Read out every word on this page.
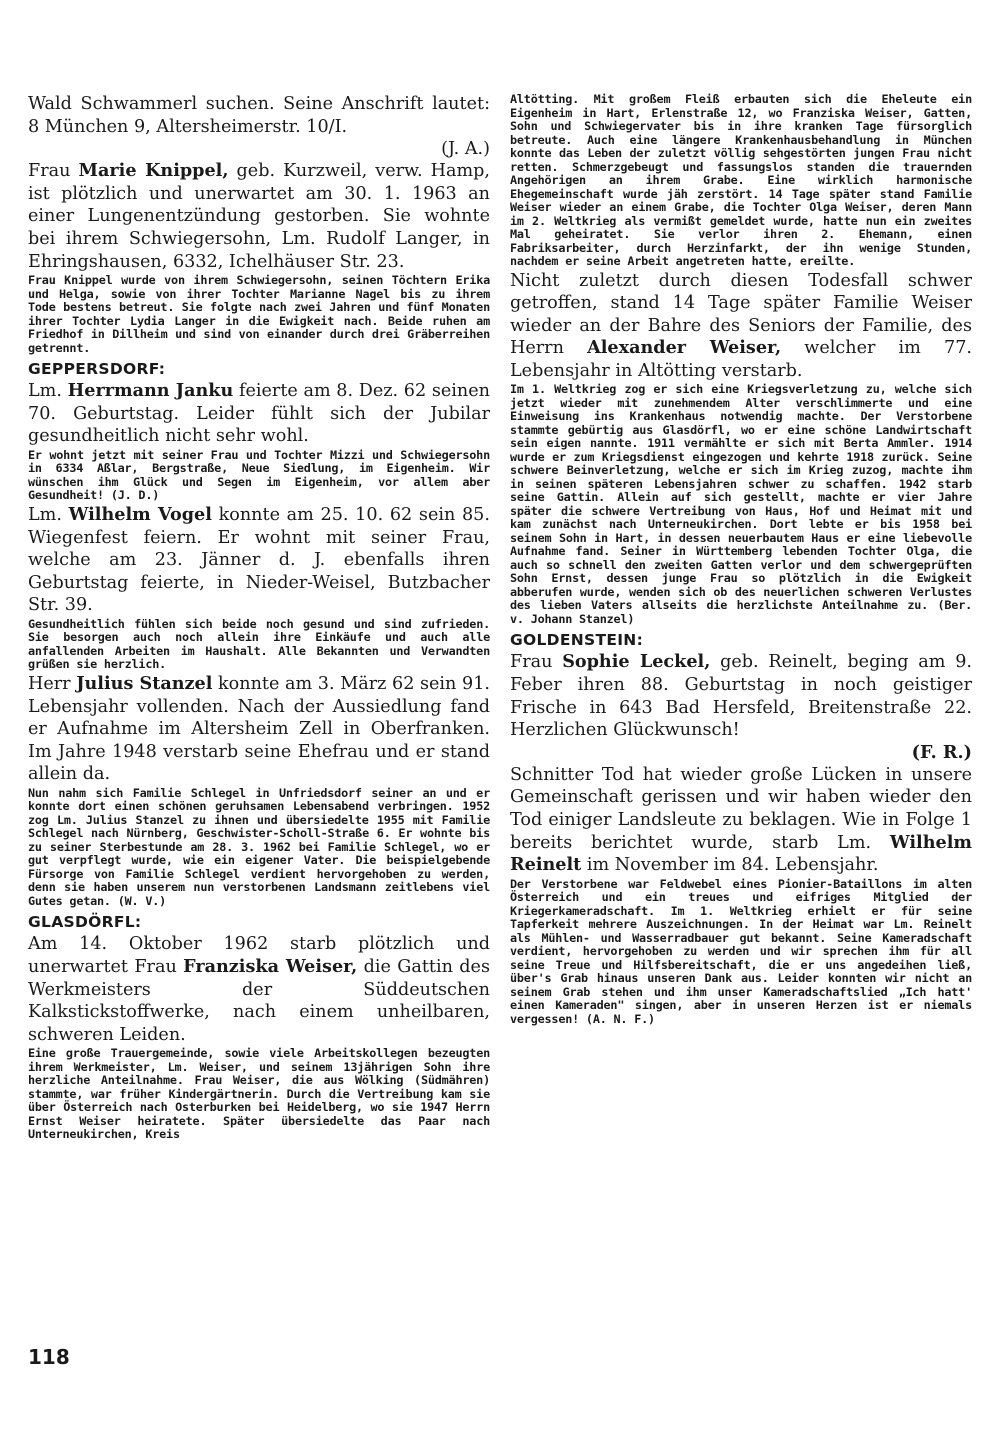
Wald Schwammerl suchen. Seine Anschrift lautet: 8 München 9, Altersheimerstr. 10/I.
(J. A.)
Frau Marie Knippel, geb. Kurzweil, verw. Hamp, ist plötzlich und unerwartet am 30. 1. 1963 an einer Lungenentzündung gestorben. Sie wohnte bei ihrem Schwiegersohn, Lm. Rudolf Langer, in Ehringshausen, 6332, Ichelhäuser Str. 23.
Frau Knippel wurde von ihrem Schwiegersohn, seinen Töchtern Erika und Helga, sowie von ihrer Tochter Marianne Nagel bis zu ihrem Tode bestens betreut. Sie folgte nach zwei Jahren und fünf Monaten ihrer Tochter Lydia Langer in die Ewigkeit nach. Beide ruhen am Friedhof in Dillheim und sind von einander durch drei Gräberreihen getrennt.
GEPPERSDORF:
Lm. Herrmann Janku feierte am 8. Dez. 62 seinen 70. Geburtstag. Leider fühlt sich der Jubilar gesundheitlich nicht sehr wohl.
Er wohnt jetzt mit seiner Frau und Tochter Mizzi und Schwiegersohn in 6334 Aßlar, Bergstraße, Neue Siedlung, im Eigenheim. Wir wünschen ihm Glück und Segen im Eigenheim, vor allem aber Gesundheit! (J. D.)
Lm. Wilhelm Vogel konnte am 25. 10. 62 sein 85. Wiegenfest feiern. Er wohnt mit seiner Frau, welche am 23. Jänner d. J. ebenfalls ihren Geburtstag feierte, in Nieder-Weisel, Butzbacher Str. 39.
Gesundheitlich fühlen sich beide noch gesund und sind zufrieden. Sie besorgen auch noch allein ihre Einkäufe und auch alle anfallenden Arbeiten im Haushalt. Alle Bekannten und Verwandten grüßen sie herzlich.
Herr Julius Stanzel konnte am 3. März 62 sein 91. Lebensjahr vollenden. Nach der Aussiedlung fand er Aufnahme im Altersheim Zell in Oberfranken. Im Jahre 1948 verstarb seine Ehefrau und er stand allein da.
Nun nahm sich Familie Schlegel in Unfriedsdorf seiner an und er konnte dort einen schönen geruhsamen Lebensabend verbringen. 1952 zog Lm. Julius Stanzel zu ihnen und übersiedelte 1955 mit Familie Schlegel nach Nürnberg, Geschwister-Scholl-Straße 6. Er wohnte bis zu seiner Sterbestunde am 28. 3. 1962 bei Familie Schlegel, wo er gut verpflegt wurde, wie ein eigener Vater. Die beispielgebende Fürsorge von Familie Schlegel verdient hervorgehoben zu werden, denn sie haben unserem nun verstorbenen Landsmann zeitlebens viel Gutes getan. (W. V.)
GLASDÖRFL:
Am 14. Oktober 1962 starb plötzlich und unerwartet Frau Franziska Weiser, die Gattin des Werkmeisters der Süddeutschen Kalkstickstoffwerke, nach einem unheilbaren, schweren Leiden.
Eine große Trauergemeinde, sowie viele Arbeitskollegen bezeugten ihrem Werkmeister, Lm. Weiser, und seinem 13jährigen Sohn ihre herzliche Anteilnahme. Frau Weiser, die aus Wölking (Südmähren) stammte, war früher Kindergärtnerin. Durch die Vertreibung kam sie über Österreich nach Osterburken bei Heidelberg, wo sie 1947 Herrn Ernst Weiser heiratete. Später übersiedelte das Paar nach Unterneukirchen, Kreis
Altötting. Mit großem Fleiß erbauten sich die Eheleute ein Eigenheim in Hart, Erlenstraße 12, wo Franziska Weiser, Gatten, Sohn und Schwiegervater bis in ihre kranken Tage fürsorglich betreute. Auch eine längere Krankenhausbehandlung in München konnte das Leben der zuletzt völlig sehgestörten jungen Frau nicht retten. Schmerzgebeugt und fassungslos standen die trauernden Angehörigen an ihrem Grabe. Eine wirklich harmonische Ehegemeinschaft wurde jäh zerstört. 14 Tage später stand Familie Weiser wieder an einem Grabe, die Tochter Olga Weiser, deren Mann im 2. Weltkrieg als vermißt gemeldet wurde, hatte nun ein zweites Mal geheiratet. Sie verlor ihren 2. Ehemann, einen Fabriksarbeiter, durch Herzinfarkt, der ihn wenige Stunden, nachdem er seine Arbeit angetreten hatte, ereilte.
Nicht zuletzt durch diesen Todesfall schwer getroffen, stand 14 Tage später Familie Weiser wieder an der Bahre des Seniors der Familie, des Herrn Alexander Weiser, welcher im 77. Lebensjahr in Altötting verstarb.
Im 1. Weltkrieg zog er sich eine Kriegsverletzung zu, welche sich jetzt wieder mit zunehmendem Alter verschlimmerte und eine Einweisung ins Krankenhaus notwendig machte. Der Verstorbene stammte gebürtig aus Glasdörfl, wo er eine schöne Landwirtschaft sein eigen nannte. 1911 vermählte er sich mit Berta Ammler. 1914 wurde er zum Kriegsdienst eingezogen und kehrte 1918 zurück. Seine schwere Beinverletzung, welche er sich im Krieg zuzog, machte ihm in seinen späteren Lebensjahren schwer zu schaffen. 1942 starb seine Gattin. Allein auf sich gestellt, machte er vier Jahre später die schwere Vertreibung von Haus, Hof und Heimat mit und kam zunächst nach Unterneukirchen. Dort lebte er bis 1958 bei seinem Sohn in Hart, in dessen neuerbautem Haus er eine liebevolle Aufnahme fand. Seiner in Württemberg lebenden Tochter Olga, die auch so schnell den zweiten Gatten verlor und dem schwergeprüften Sohn Ernst, dessen junge Frau so plötzlich in die Ewigkeit abberufen wurde, wenden sich ob des neuerlichen schweren Verlustes des lieben Vaters allseits die herzlichste Anteilnahme zu. (Ber. v. Johann Stanzel)
GOLDENSTEIN:
Frau Sophie Leckel, geb. Reinelt, beging am 9. Feber ihren 88. Geburtstag in noch geistiger Frische in 643 Bad Hersfeld, Breitenstraße 22. Herzlichen Glückwunsch!
(F. R.)
Schnitter Tod hat wieder große Lücken in unsere Gemeinschaft gerissen und wir haben wieder den Tod einiger Landsleute zu beklagen. Wie in Folge 1 bereits berichtet wurde, starb Lm. Wilhelm Reinelt im November im 84. Lebensjahr.
Der Verstorbene war Feldwebel eines Pionier-Bataillons im alten Österreich und ein treues und eifriges Mitglied der Kriegerkameradschaft. Im 1. Weltkrieg erhielt er für seine Tapferkeit mehrere Auszeichnungen. In der Heimat war Lm. Reinelt als Mühlen- und Wasserradbauer gut bekannt. Seine Kameradschaft verdient, hervorgehoben zu werden und wir sprechen ihm für all seine Treue und Hilfsbereitschaft, die er uns angedeihen ließ, über's Grab hinaus unseren Dank aus. Leider konnten wir nicht an seinem Grab stehen und ihm unser Kameradschaftslied „Ich hatt' einen Kameraden" singen, aber in unseren Herzen ist er niemals vergessen! (A. N. F.)
118
